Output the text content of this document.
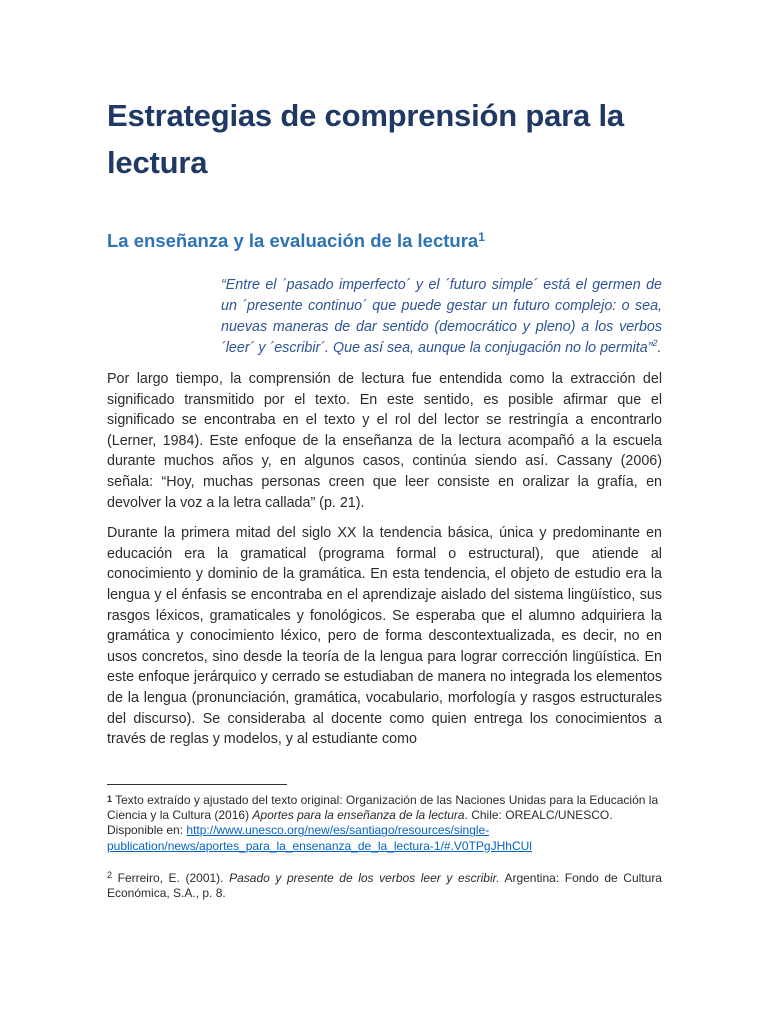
Estrategias de comprensión para la lectura
La enseñanza y la evaluación de la lectura$^1$

“Entre el ´pasado imperfecto´ y el ´futuro simple´ está el germen de un ´presente continuo´ que puede gestar un futuro complejo: o sea, nuevas maneras de dar sentido (democrático y pleno) a los verbos ´leer´ y ´escribir´. Que así sea, aunque la conjugación no lo permita”$^2$.

Por largo tiempo, la comprensión de lectura fue entendida como la extracción del significado transmitido por el texto. En este sentido, es posible afirmar que el significado se encontraba en el texto y el rol del lector se restringía a encontrarlo (Lerner, 1984). Este enfoque de la enseñanza de la lectura acompañó a la escuela durante muchos años y, en algunos casos, continúa siendo así. Cassany (2006) señala: “Hoy, muchas personas creen que leer consiste en oralizar la grafía, en devolver la voz a la letra callada” (p. 21).

Durante la primera mitad del siglo XX la tendencia básica, única y predominante en educación era la gramatical (programa formal o estructural), que atiende al conocimiento y dominio de la gramática. En esta tendencia, el objeto de estudio era la lengua y el énfasis se encontraba en el aprendizaje aislado del sistema lingüístico, sus rasgos léxicos, gramaticales y fonológicos. Se esperaba que el alumno adquiriera la gramática y conocimiento léxico, pero de forma descontextualizada, es decir, no en usos concretos, sino desde la teoría de la lengua para lograr corrección lingüística. En este enfoque jerárquico y cerrado se estudiaban de manera no integrada los elementos de la lengua (pronunciación, gramática, vocabulario, morfología y rasgos estructurales del discurso). Se consideraba al docente como quien entrega los conocimientos a través de reglas y modelos, y al estudiante como

1 Texto extraído y ajustado del texto original: Organización de las Naciones Unidas para la Educación la Ciencia y la Cultura (2016) Aportes para la enseñanza de la lectura. Chile: OREALC/UNESCO. Disponible en: http://www.unesco.org/new/es/santiago/resources/single-publication/news/aportes_para_la_ensenanza_de_la_lectura-1/#.V0TPgJHhCUl

$^2$ Ferreiro, E. (2001). Pasado y presente de los verbos leer y escribir. Argentina: Fondo de Cultura Económica, S.A., p. 8.
